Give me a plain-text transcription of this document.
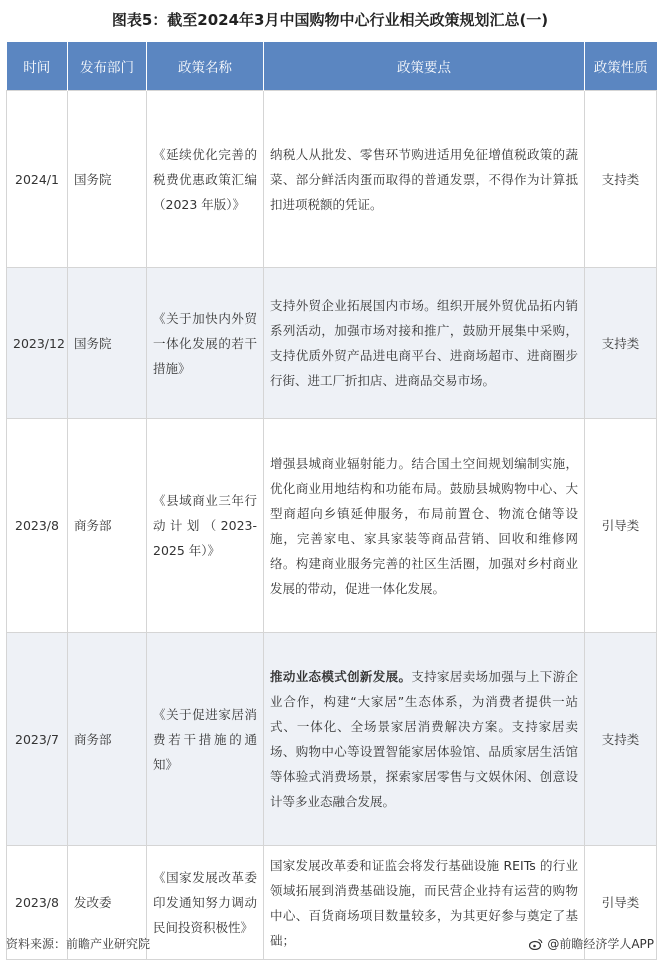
图表5：截至2024年3月中国购物中心行业相关政策规划汇总(一)
时间	发布部门	政策名称	政策要点	政策性质
2024/1	国务院	《延续优化完善的税费优惠政策汇编（2023 年版）》	纳税人从批发、零售环节购进适用免征增值税政策的蔬菜、部分鲜活肉蛋而取得的普通发票，不得作为计算抵扣进项税额的凭证。	支持类
2023/12	国务院	《关于加快内外贸一体化发展的若干措施》	支持外贸企业拓展国内市场。组织开展外贸优品拓内销系列活动，加强市场对接和推广，鼓励开展集中采购，支持优质外贸产品进电商平台、进商场超市、进商圈步行街、进工厂折扣店、进商品交易市场。	支持类
2023/8	商务部	《县域商业三年行动计划（2023-2025 年）》	增强县城商业辐射能力。结合国土空间规划编制实施，优化商业用地结构和功能布局。鼓励县城购物中心、大型商超向乡镇延伸服务，布局前置仓、物流仓储等设施，完善家电、家具家装等商品营销、回收和维修网络。构建商业服务完善的社区生活圈，加强对乡村商业发展的带动，促进一体化发展。	引导类
2023/7	商务部	《关于促进家居消费若干措施的通知》	推动业态模式创新发展。支持家居卖场加强与上下游企业合作，构建“大家居”生态体系，为消费者提供一站式、一体化、全场景家居消费解决方案。支持家居卖场、购物中心等设置智能家居体验馆、品质家居生活馆等体验式消费场景，探索家居零售与文娱休闲、创意设计等多业态融合发展。	支持类
2023/8	发改委	《国家发展改革委印发通知努力调动民间投资积极性》	国家发展改革委和证监会将发行基础设施 REITs 的行业领域拓展到消费基础设施，而民营企业持有运营的购物中心、百货商场项目数量较多，为其更好参与奠定了基础；	引导类
资料来源：前瞻产业研究院	@前瞻经济学人APP
